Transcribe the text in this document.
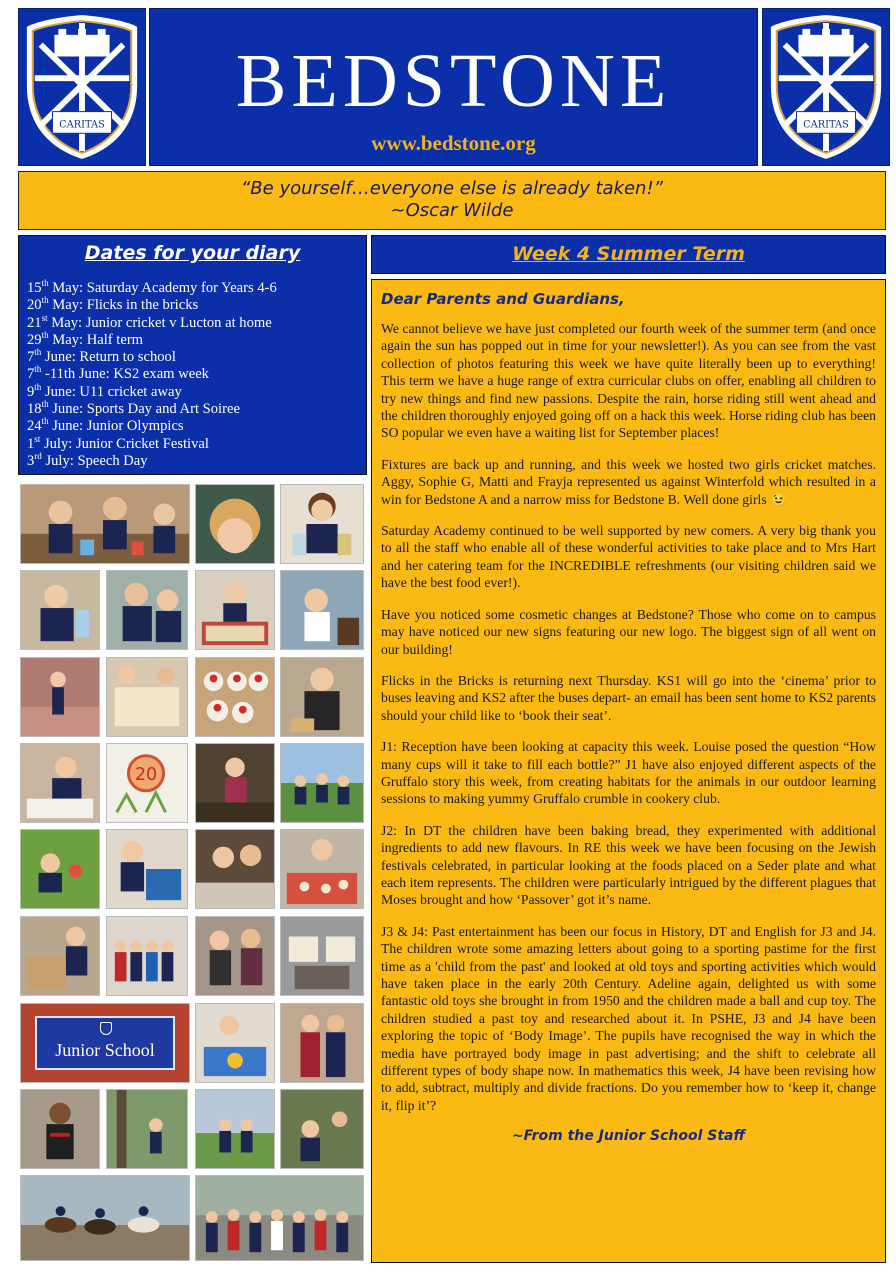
CARITAS
BEDSTONE
www.bedstone.org
CARITAS
“Be yourself…everyone else is already taken!”
~Oscar Wilde
Dates for your diary
15th May: Saturday Academy for Years 4-6
20th May: Flicks in the bricks
21st May: Junior cricket v Lucton at home
29th May: Half term
7th June: Return to school
7th -11th June: KS2 exam week
9th June: U11 cricket away
18th June: Sports Day and Art Soiree
24th June: Junior Olympics
1st July: Junior Cricket Festival
3rd July: Speech Day
20
Junior School
Week 4 Summer Term
Dear Parents and Guardians,

We cannot believe we have just completed our fourth week of the summer term (and once again the sun has popped out in time for your newsletter!). As you can see from the vast collection of photos featuring this week we have quite literally been up to everything! This term we have a huge range of extra curricular clubs on offer, enabling all children to try new things and find new passions. Despite the rain, horse riding still went ahead and the children thoroughly enjoyed going off on a hack this week. Horse riding club has been SO popular we even have a waiting list for September places!

Fixtures are back up and running, and this week we hosted two girls cricket matches. Aggy, Sophie G, Matti and Frayja represented us against Winterfold which resulted in a win for Bedstone A and a narrow miss for Bedstone B. Well done girls 😉

Saturday Academy continued to be well supported by new comers. A very big thank you to all the staff who enable all of these wonderful activities to take place and to Mrs Hart and her catering team for the INCREDIBLE refreshments (our visiting children said we have the best food ever!).

Have you noticed some cosmetic changes at Bedstone? Those who come on to campus may have noticed our new signs featuring our new logo. The biggest sign of all went on our building!

Flicks in the Bricks is returning next Thursday. KS1 will go into the ‘cinema’ prior to buses leaving and KS2 after the buses depart- an email has been sent home to KS2 parents should your child like to ‘book their seat’.

J1: Reception have been looking at capacity this week. Louise posed the question “How many cups will it take to fill each bottle?” J1 have also enjoyed different aspects of the Gruffalo story this week, from creating habitats for the animals in our outdoor learning sessions to making yummy Gruffalo crumble in cookery club.

J2: In DT the children have been baking bread, they experimented with additional ingredients to add new flavours. In RE this week we have been focusing on the Jewish festivals celebrated, in particular looking at the foods placed on a Seder plate and what each item represents. The children were particularly intrigued by the different plagues that Moses brought and how ‘Passover’ got it’s name.

J3 & J4: Past entertainment has been our focus in History, DT and English for J3 and J4. The children wrote some amazing letters about going to a sporting pastime for the first time as a 'child from the past' and looked at old toys and sporting activities which would have taken place in the early 20th Century. Adeline again, delighted us with some fantastic old toys she brought in from 1950 and the children made a ball and cup toy. The children studied a past toy and researched about it. In PSHE, J3 and J4 have been exploring the topic of ‘Body Image’. The pupils have recognised the way in which the media have portrayed body image in past advertising; and the shift to celebrate all different types of body shape now. In mathematics this week, J4 have been revising how to add, subtract, multiply and divide fractions. Do you remember how to ‘keep it, change it, flip it’?

~From the Junior School Staff
